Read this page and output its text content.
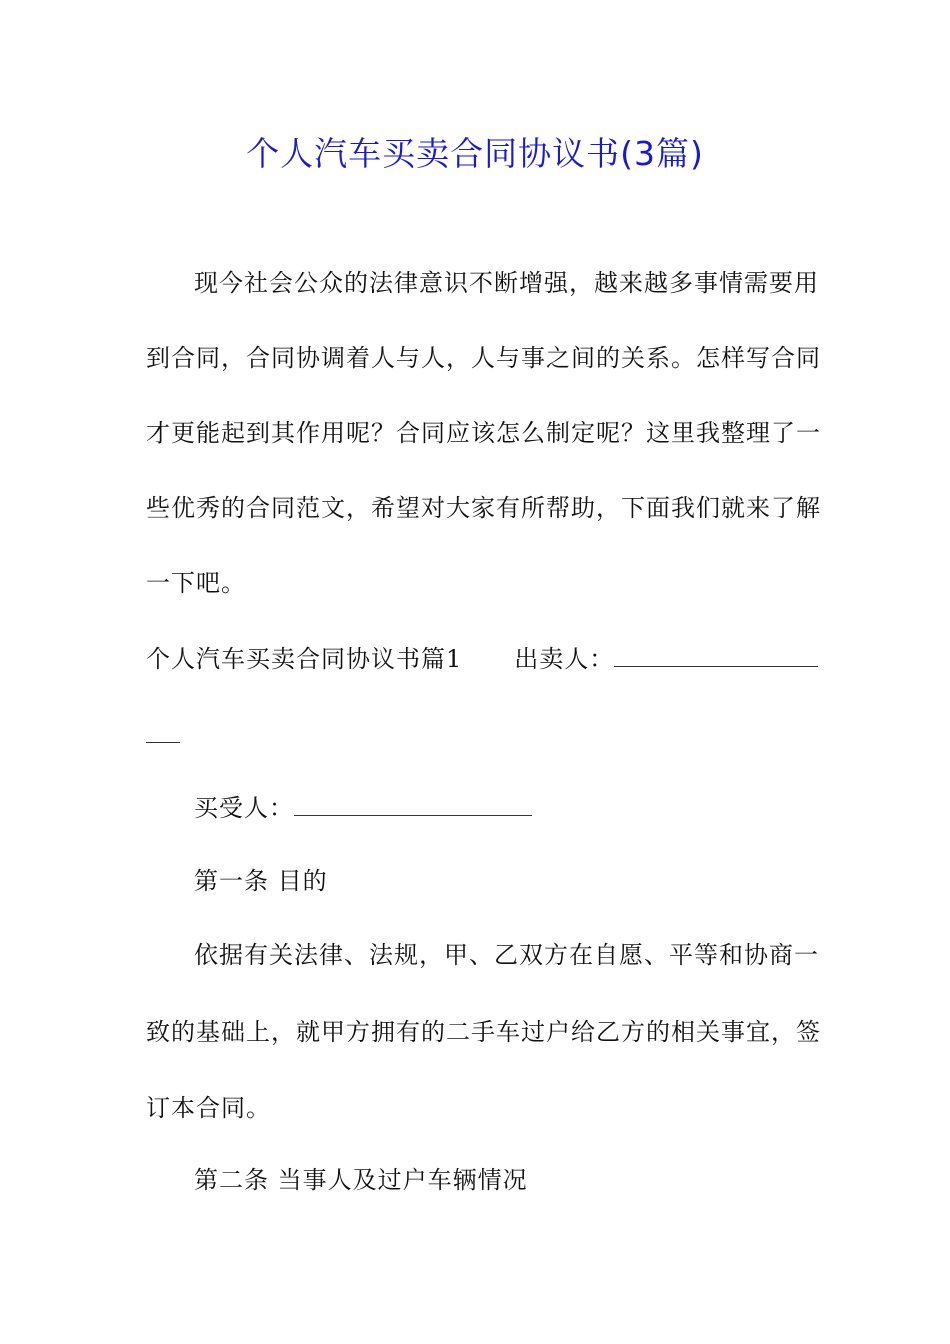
个人汽车买卖合同协议书(3篇)
现今社会公众的法律意识不断增强，越来越多事情需要用
到合同，合同协调着人与人，人与事之间的关系。怎样写合同
才更能起到其作用呢？合同应该怎么制定呢？这里我整理了一
些优秀的合同范文，希望对大家有所帮助，下面我们就来了解
一下吧。
个人汽车买卖合同协议书篇1 出卖人：
买受人：
第一条 目的
依据有关法律、法规，甲、乙双方在自愿、平等和协商一
致的基础上，就甲方拥有的二手车过户给乙方的相关事宜，签
订本合同。
第二条 当事人及过户车辆情况
